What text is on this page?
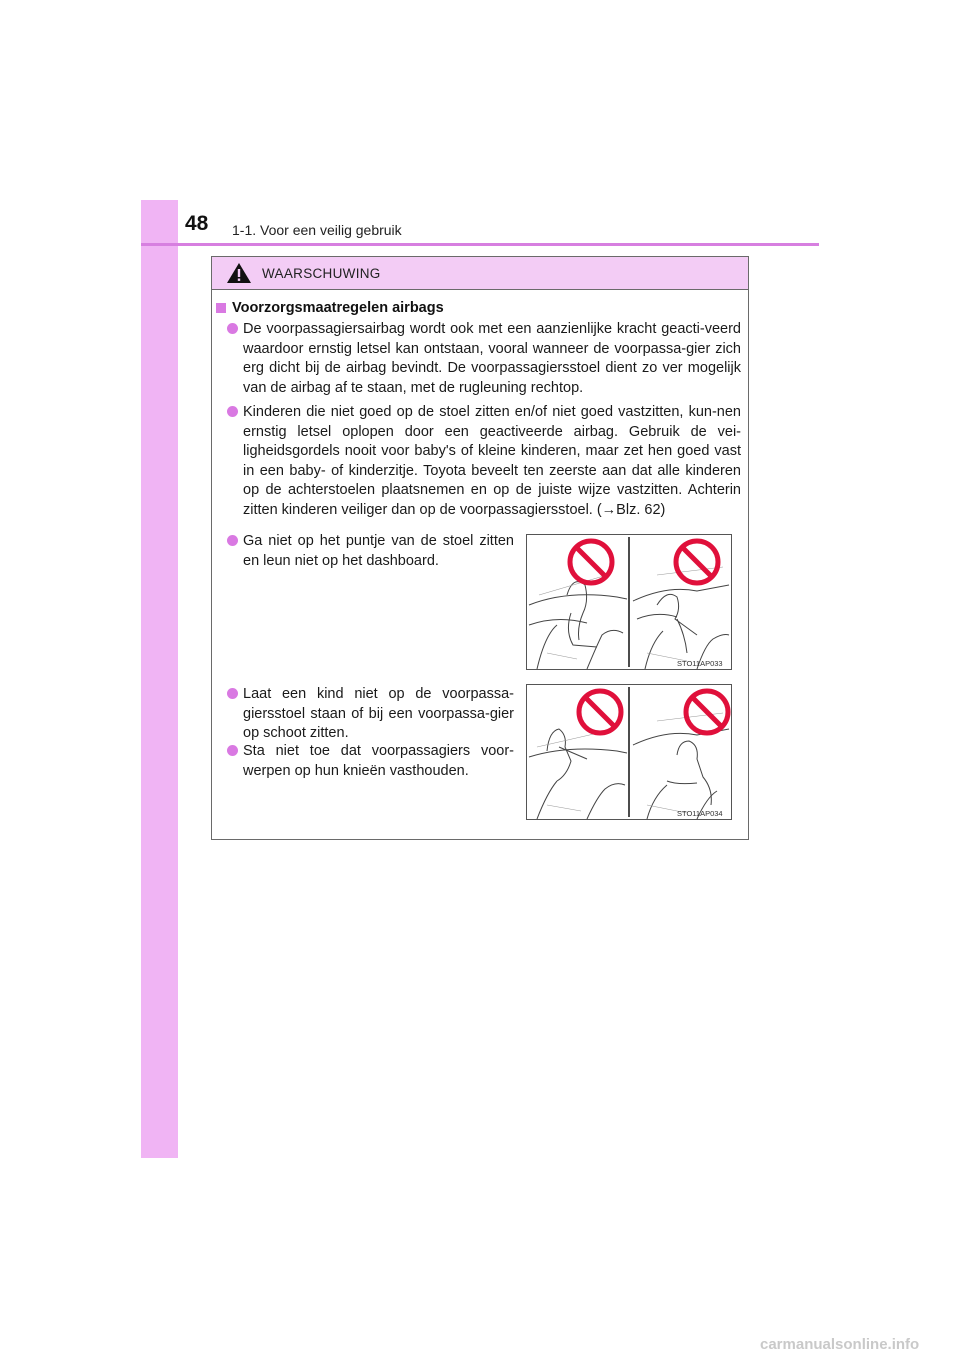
48 1-1. Voor een veilig gebruik
WAARSCHUWING
Voorzorgsmaatregelen airbags
De voorpassagiersairbag wordt ook met een aanzienlijke kracht geacti-veerd waardoor ernstig letsel kan ontstaan, vooral wanneer de voorpassa-gier zich erg dicht bij de airbag bevindt. De voorpassagiersstoel dient zo ver mogelijk van de airbag af te staan, met de rugleuning rechtop.
Kinderen die niet goed op de stoel zitten en/of niet goed vastzitten, kun-nen ernstig letsel oplopen door een geactiveerde airbag. Gebruik de vei-ligheidsgordels nooit voor baby's of kleine kinderen, maar zet hen goed vast in een baby- of kinderzitje. Toyota beveelt ten zeerste aan dat alle kinderen op de achterstoelen plaatsnemen en op de juiste wijze vastzitten. Achterin zitten kinderen veiliger dan op de voorpassagiersstoel. (→Blz. 62)
Ga niet op het puntje van de stoel zitten en leun niet op het dashboard.
Laat een kind niet op de voorpassa-giersstoel staan of bij een voorpassa-gier op schoot zitten.
Sta niet toe dat voorpassagiers voor-werpen op hun knieën vasthouden.
STO11AP033
STO11AP034
carmanualsonline.info
